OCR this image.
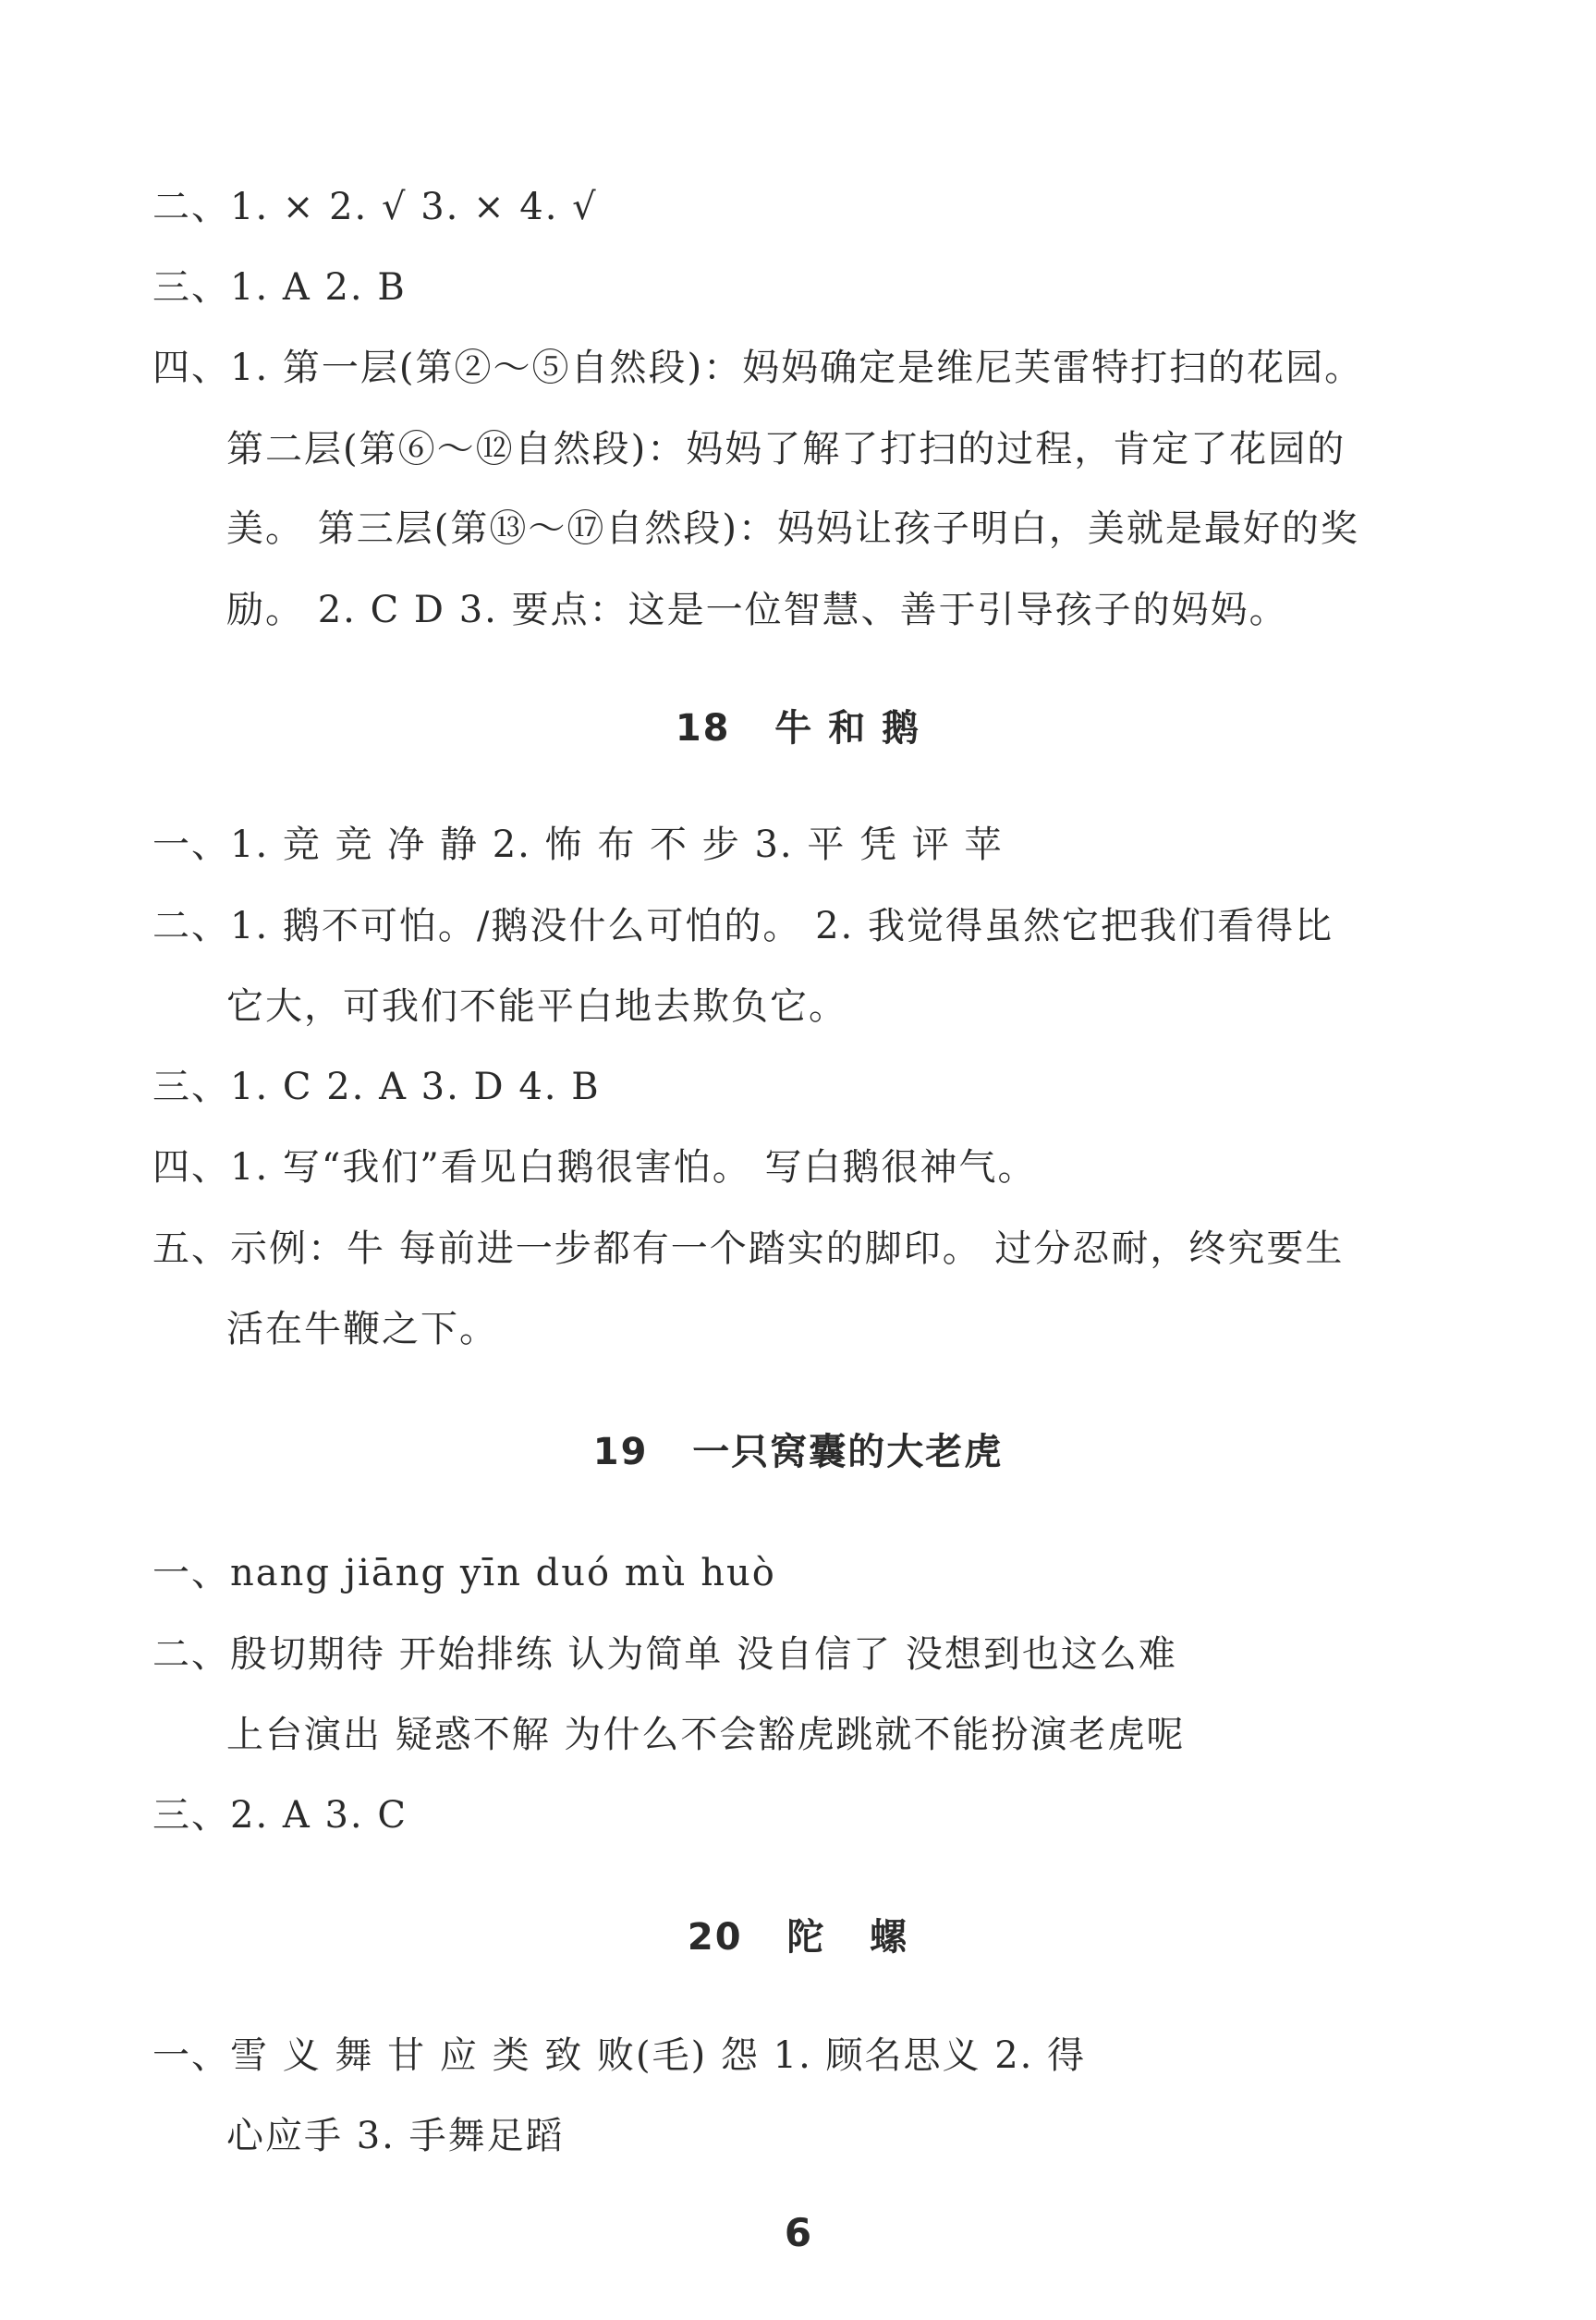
二、1. × 2. √ 3. × 4. √
三、1. A 2. B
四、1. 第一层(第②～⑤自然段)：妈妈确定是维尼芙雷特打扫的花园。
第二层(第⑥～⑫自然段)：妈妈了解了打扫的过程，肯定了花园的
美。 第三层(第⑬～⑰自然段)：妈妈让孩子明白，美就是最好的奖
励。 2. C D 3. 要点：这是一位智慧、善于引导孩子的妈妈。
18   牛 和 鹅
一、1. 竞 竞 净 静 2. 怖 布 不 步 3. 平 凭 评 苹
二、1. 鹅不可怕。/鹅没什么可怕的。 2. 我觉得虽然它把我们看得比
它大，可我们不能平白地去欺负它。
三、1. C 2. A 3. D 4. B
四、1. 写“我们”看见白鹅很害怕。 写白鹅很神气。
五、示例：牛 每前进一步都有一个踏实的脚印。 过分忍耐，终究要生
活在牛鞭之下。
19   一只窝囊的大老虎
一、nang jiāng yīn duó mù huò
二、殷切期待 开始排练 认为简单 没自信了 没想到也这么难
上台演出 疑惑不解 为什么不会豁虎跳就不能扮演老虎呢
三、2. A 3. C
20   陀   螺
一、雪 义 舞 甘 应 类 致 败(毛) 怨 1. 顾名思义 2. 得
心应手 3. 手舞足蹈
6
